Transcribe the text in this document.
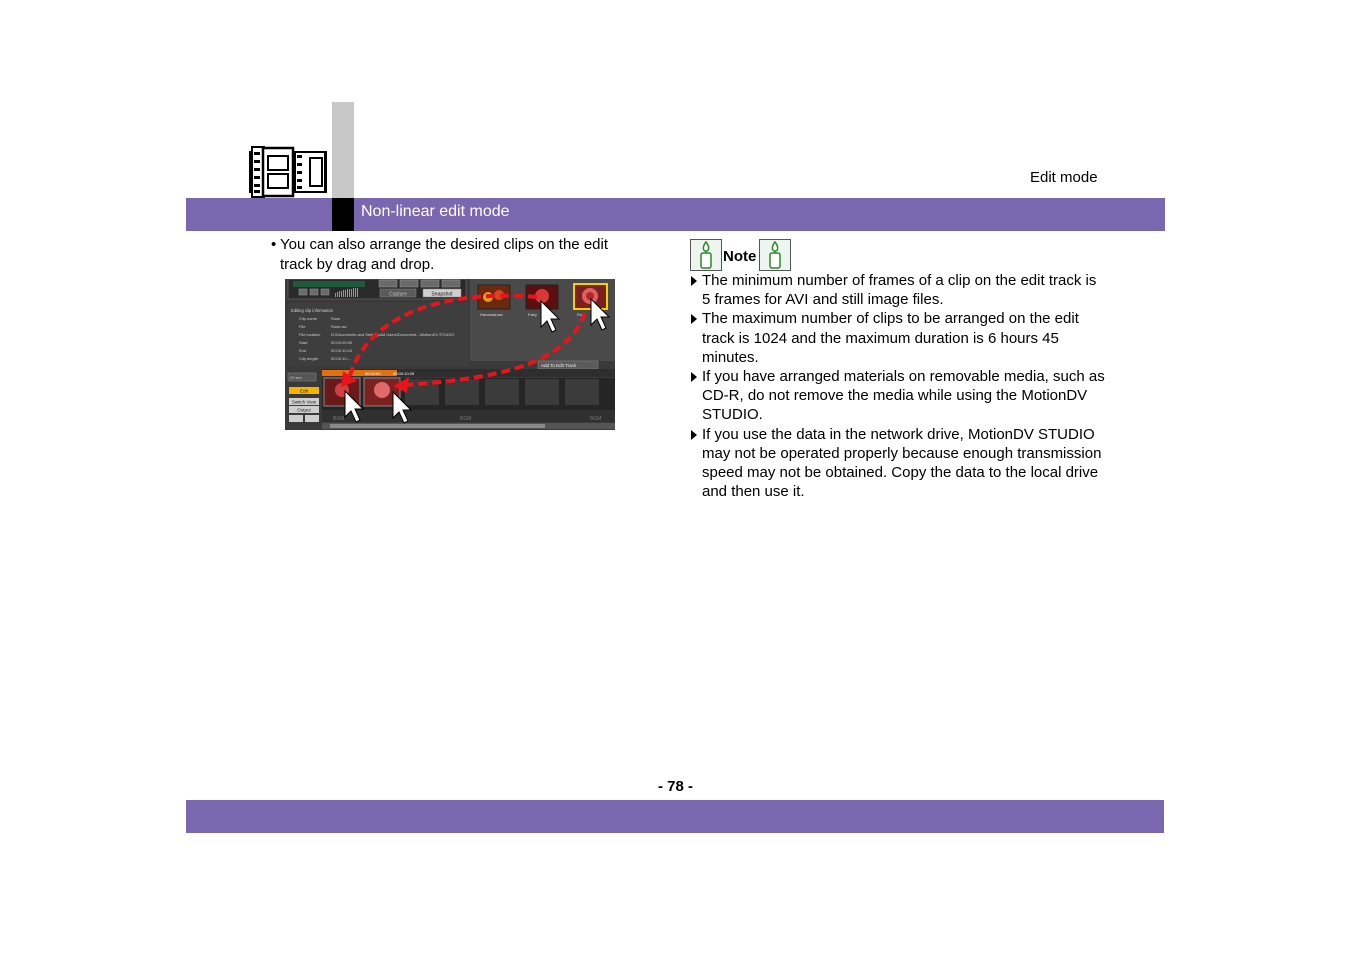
Edit mode
Non-linear edit mode
• You can also arrange the desired clips on the edit track by drag and drop.
Capture	Snapshot
Editing clip information
Clip name	Rose
File	Rose.avi
File location	D:\Documents and Settings\All Users\Document...\MotionDV STUDIO
Start	00:00:00:00
End	00:00:10:24
Clip length	00:00:10:...
Hanamaruse	Fairy	Rose
Add To Edit Track
20 sec
Edit
Switch View
Output
00:00:00	00:00:10:25
BGM	BGM	BGM
Note
The minimum number of frames of a clip on the edit track is 5 frames for AVI and still image files.
The maximum number of clips to be arranged on the edit track is 1024 and the maximum duration is 6 hours 45 minutes.
If you have arranged materials on removable media, such as CD-R, do not remove the media while using the MotionDV STUDIO.
If you use the data in the network drive, MotionDV STUDIO may not be operated properly because enough transmission speed may not be obtained. Copy the data to the local drive and then use it.
- 78 -
